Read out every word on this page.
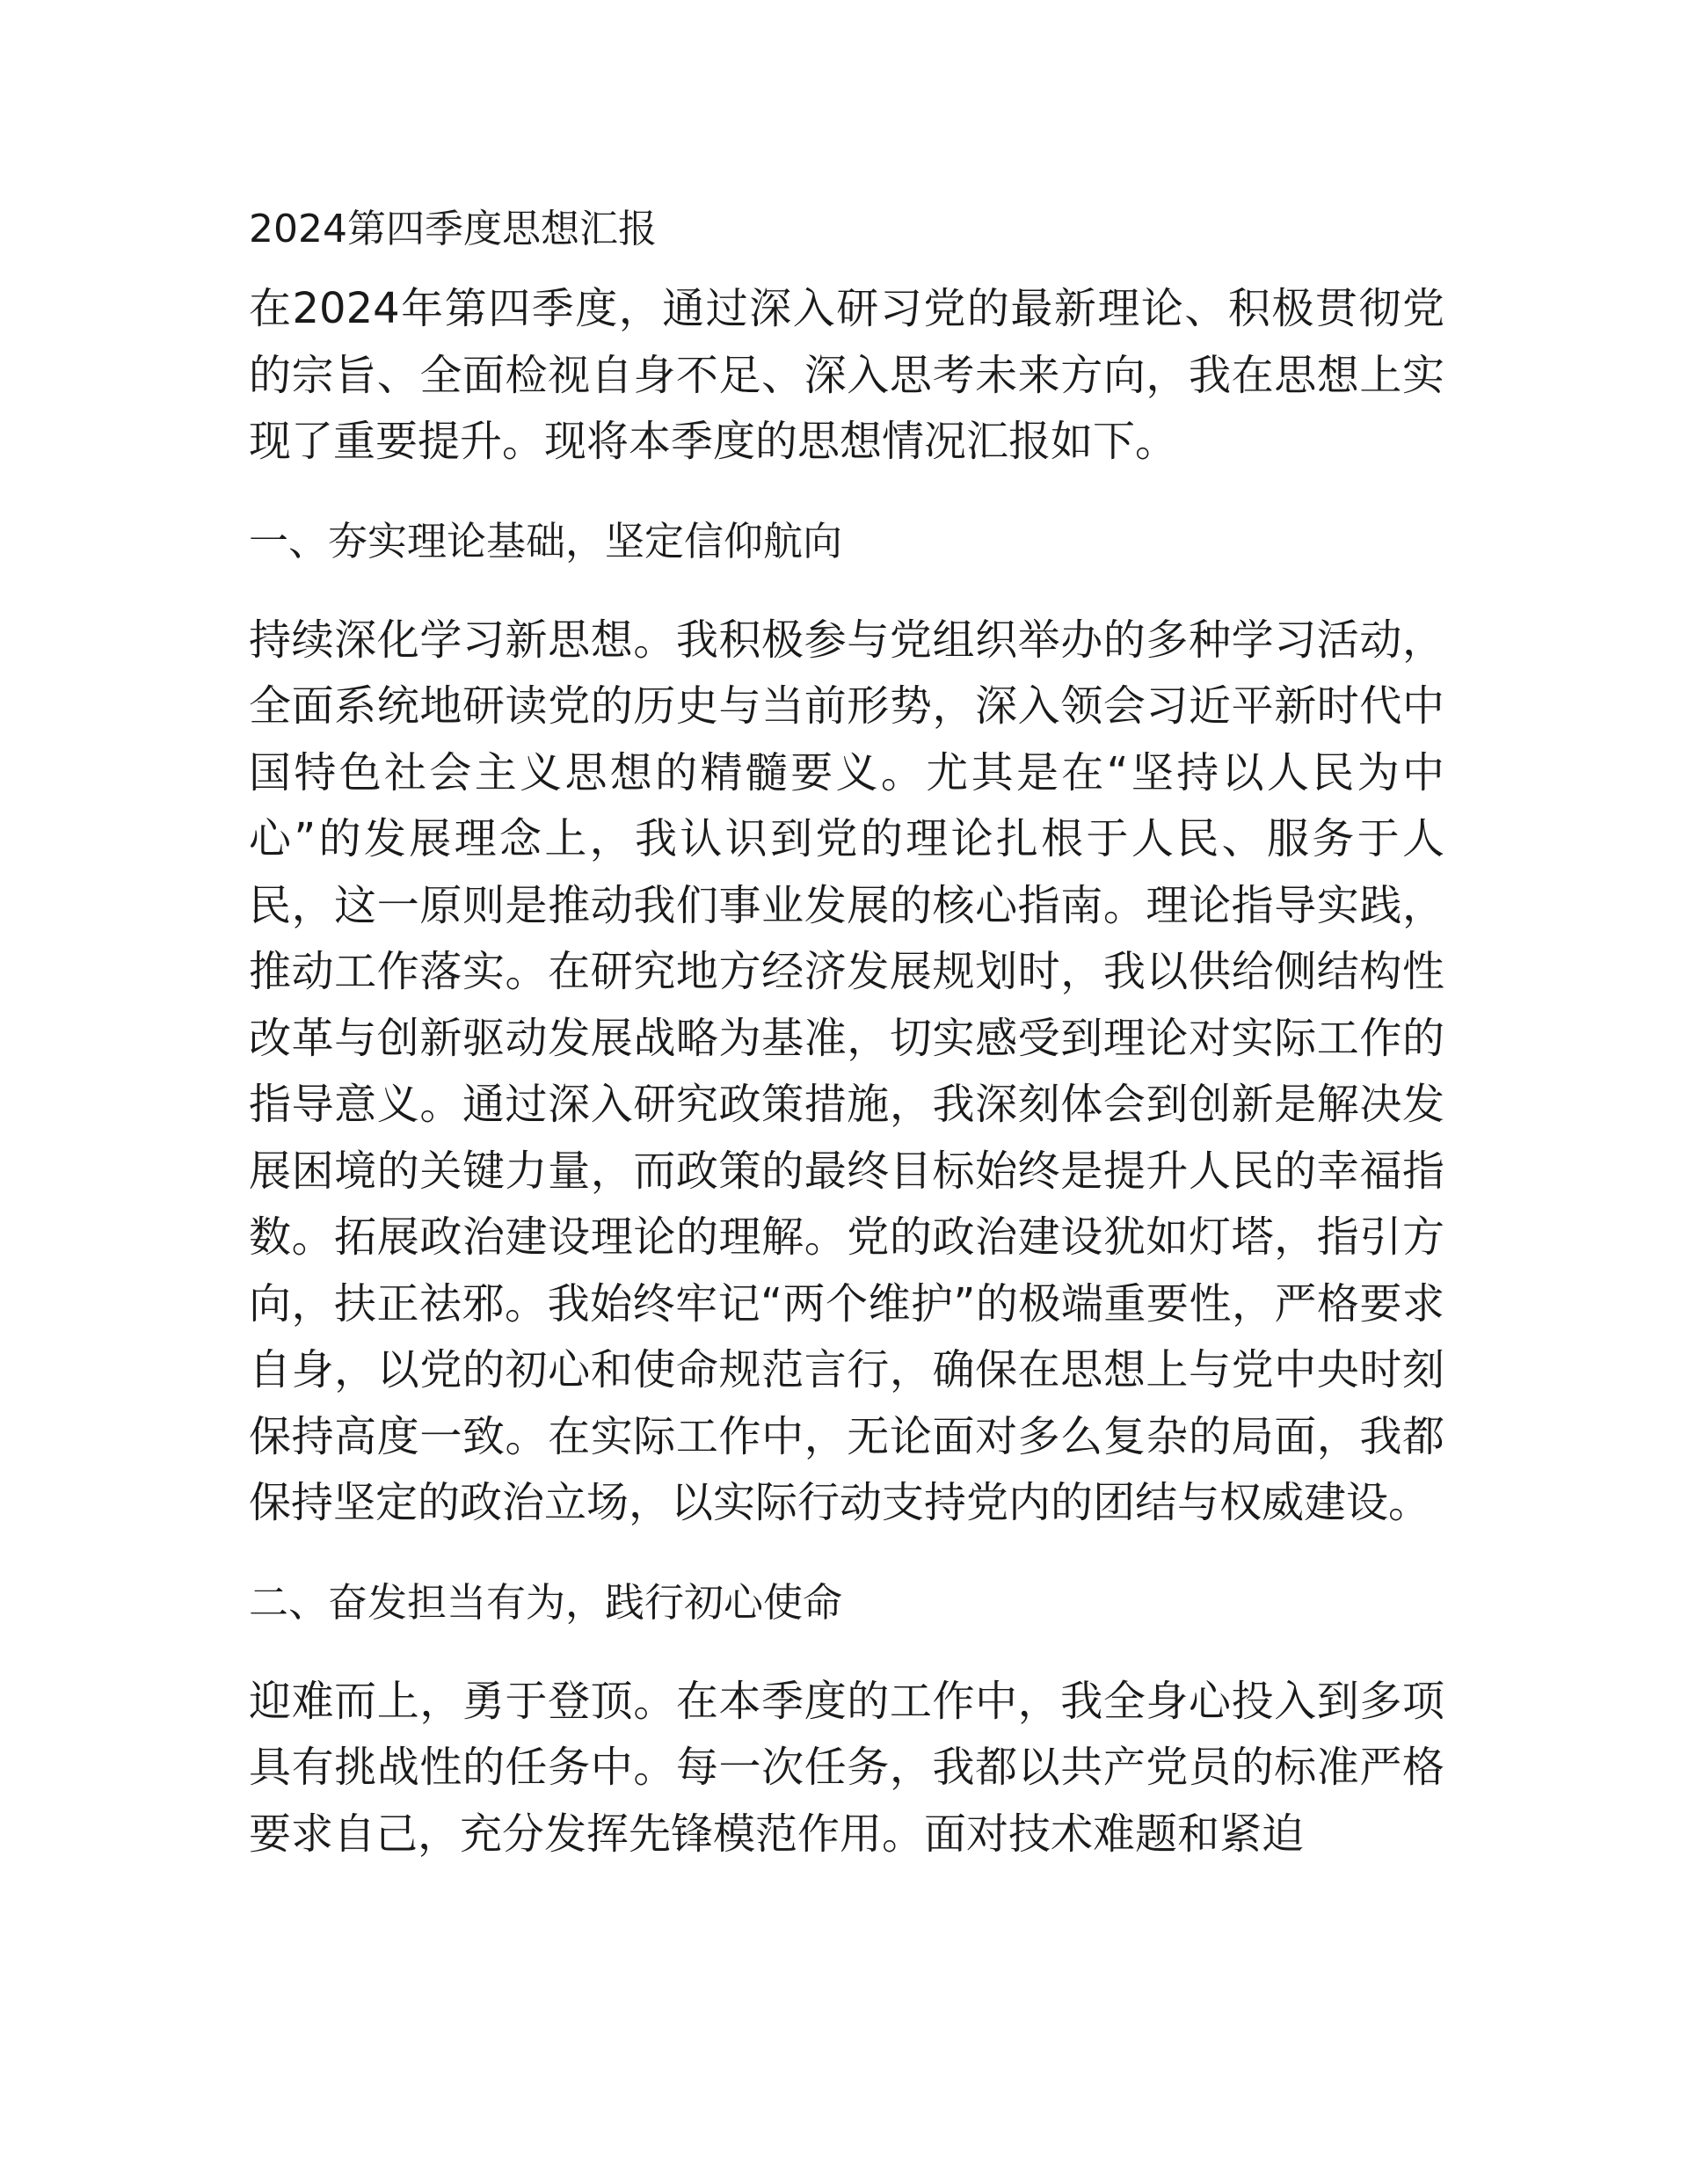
2024第四季度思想汇报

在2024年第四季度，通过深入研习党的最新理论、积极贯彻党的宗旨、全面检视自身不足、深入思考未来方向，我在思想上实现了重要提升。现将本季度的思想情况汇报如下。

一、夯实理论基础，坚定信仰航向

持续深化学习新思想。我积极参与党组织举办的多种学习活动，全面系统地研读党的历史与当前形势，深入领会习近平新时代中国特色社会主义思想的精髓要义。尤其是在“坚持以人民为中心”的发展理念上，我认识到党的理论扎根于人民、服务于人民，这一原则是推动我们事业发展的核心指南。理论指导实践，推动工作落实。在研究地方经济发展规划时，我以供给侧结构性改革与创新驱动发展战略为基准，切实感受到理论对实际工作的指导意义。通过深入研究政策措施，我深刻体会到创新是解决发展困境的关键力量，而政策的最终目标始终是提升人民的幸福指数。拓展政治建设理论的理解。党的政治建设犹如灯塔，指引方向，扶正祛邪。我始终牢记“两个维护”的极端重要性，严格要求自身，以党的初心和使命规范言行，确保在思想上与党中央时刻保持高度一致。在实际工作中，无论面对多么复杂的局面，我都保持坚定的政治立场，以实际行动支持党内的团结与权威建设。

二、奋发担当有为，践行初心使命

迎难而上，勇于登顶。在本季度的工作中，我全身心投入到多项具有挑战性的任务中。每一次任务，我都以共产党员的标准严格要求自己，充分发挥先锋模范作用。面对技术难题和紧迫
